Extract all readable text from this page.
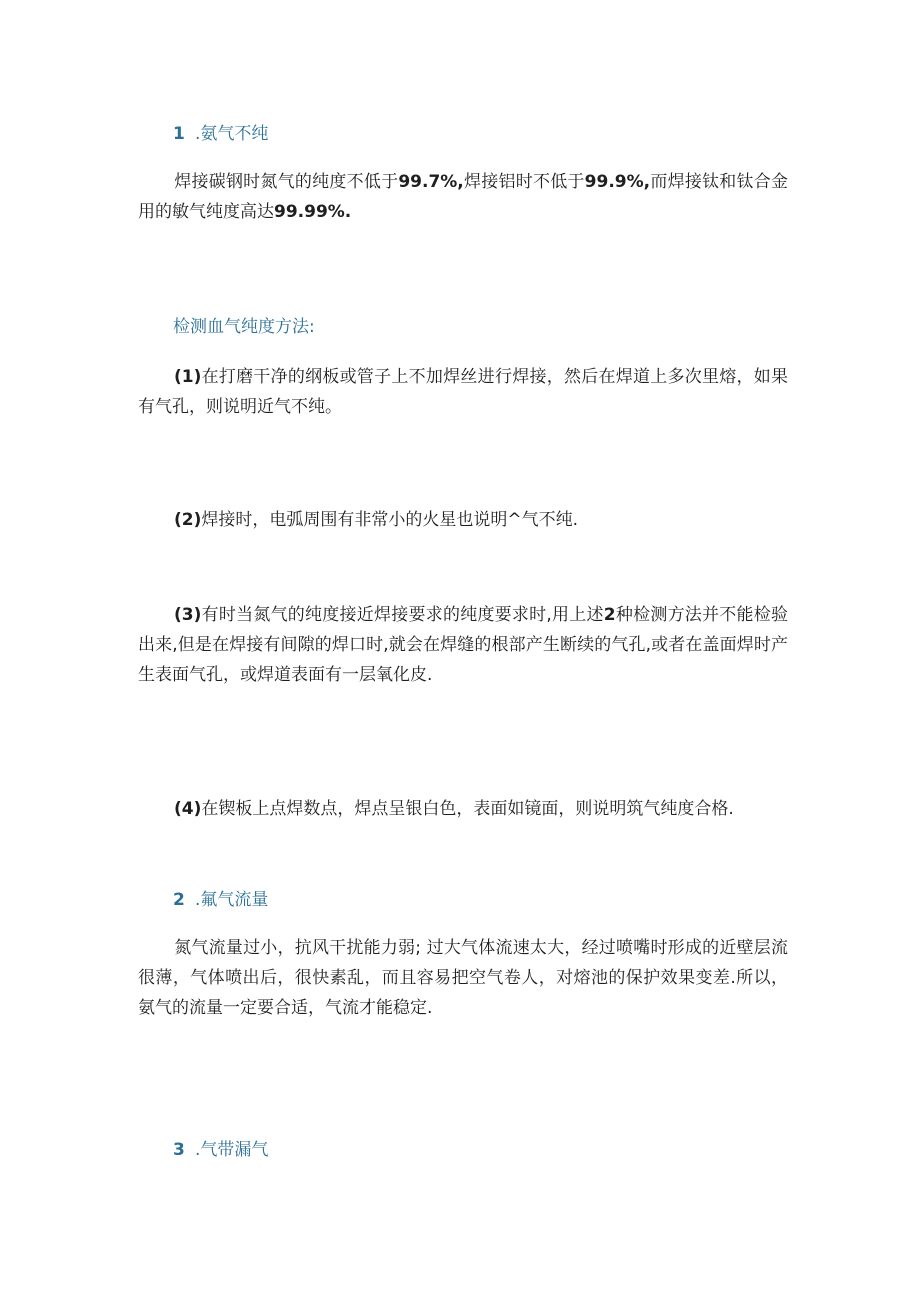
1 .氨气不纯
焊接碳钢时氮气的纯度不低于99.7%,焊接铝时不低于99.9%,而焊接钛和钛合金用的敏气纯度高达99.99%.
检测血气纯度方法:
(1)在打磨干净的纲板或管子上不加焊丝进行焊接，然后在焊道上多次里熔，如果有气孔，则说明近气不纯。
(2)焊接时，电弧周围有非常小的火星也说明^气不纯.
(3)有时当氮气的纯度接近焊接要求的纯度要求时,用上述2种检测方法并不能检验出来,但是在焊接有间隙的焊口时,就会在焊缝的根部产生断续的气孔,或者在盖面焊时产生表面气孔，或焊道表面有一层氧化皮.
(4)在锲板上点焊数点，焊点呈银白色，表面如镜面，则说明筑气纯度合格.
2 .氟气流量
氮气流量过小，抗风干扰能力弱; 过大气体流速太大，经过喷嘴时形成的近壁层流很薄，气体喷出后，很快素乱，而且容易把空气卷人，对熔池的保护效果变差.所以，氨气的流量一定要合适，气流才能稳定.
3 .气带漏气
